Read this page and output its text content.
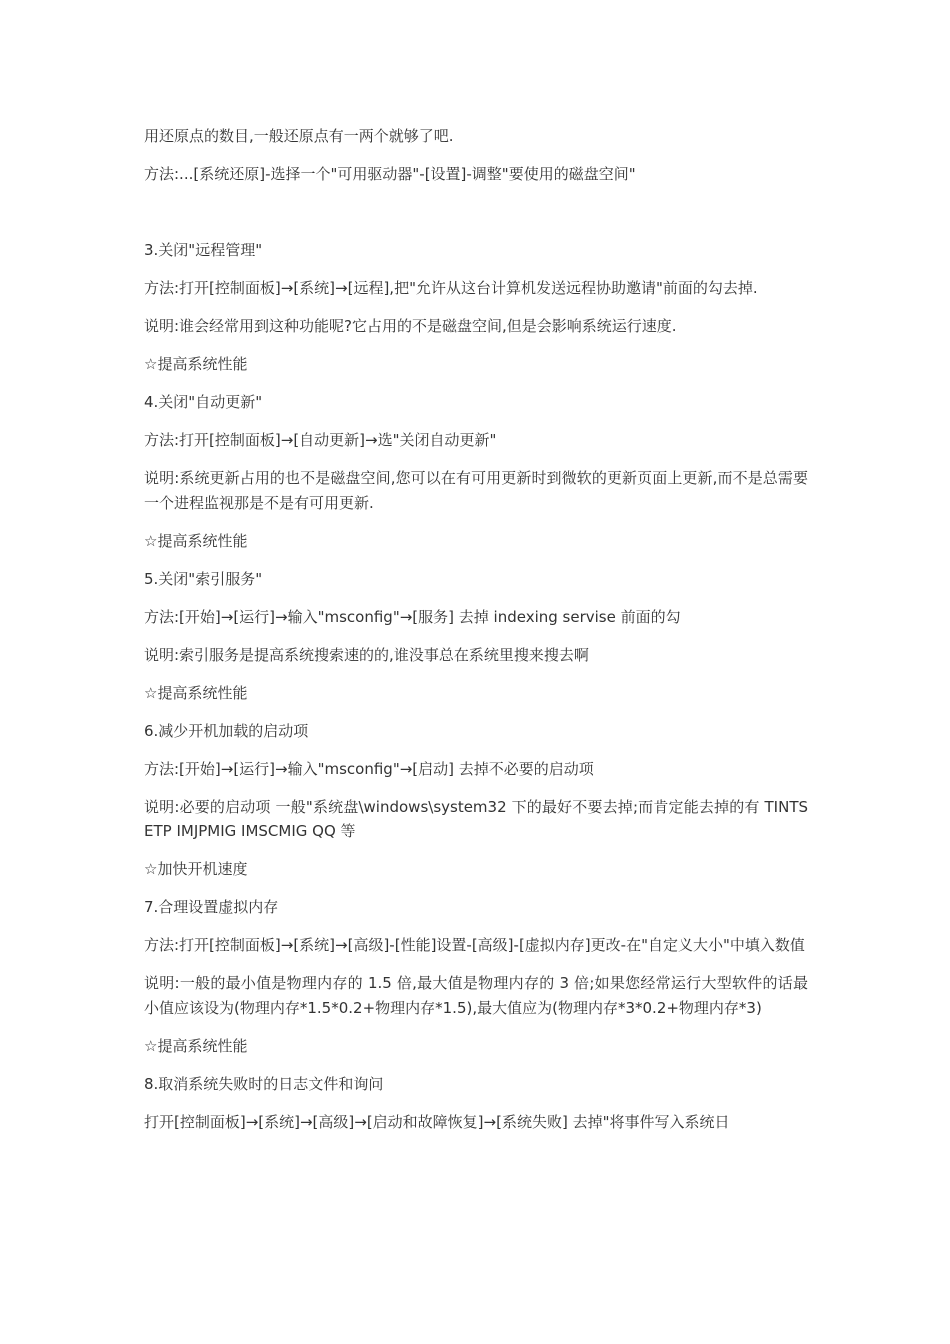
用还原点的数目,一般还原点有一两个就够了吧.

方法:...[系统还原]-选择一个"可用驱动器"-[设置]-调整"要使用的磁盘空间"

3.关闭"远程管理"

方法:打开[控制面板]→[系统]→[远程],把"允许从这台计算机发送远程协助邀请"前面的勾去掉.

说明:谁会经常用到这种功能呢?它占用的不是磁盘空间,但是会影响系统运行速度.

☆提高系统性能

4.关闭"自动更新"

方法:打开[控制面板]→[自动更新]→选"关闭自动更新"

说明:系统更新占用的也不是磁盘空间,您可以在有可用更新时到微软的更新页面上更新,而不是总需要一个进程监视那是不是有可用更新.

☆提高系统性能

5.关闭"索引服务"

方法:[开始]→[运行]→输入"msconfig"→[服务] 去掉 indexing servise 前面的勾

说明:索引服务是提高系统搜索速的的,谁没事总在系统里搜来搜去啊

☆提高系统性能

6.减少开机加载的启动项

方法:[开始]→[运行]→输入"msconfig"→[启动] 去掉不必要的启动项

说明:必要的启动项 一般"系统盘\windows\system32 下的最好不要去掉;而肯定能去掉的有 TINTSETP IMJPMIG IMSCMIG QQ 等

☆加快开机速度

7.合理设置虚拟内存

方法:打开[控制面板]→[系统]→[高级]-[性能]设置-[高级]-[虚拟内存]更改-在"自定义大小"中填入数值

说明:一般的最小值是物理内存的 1.5 倍,最大值是物理内存的 3 倍;如果您经常运行大型软件的话最小值应该设为(物理内存*1.5*0.2+物理内存*1.5),最大值应为(物理内存*3*0.2+物理内存*3)

☆提高系统性能

8.取消系统失败时的日志文件和询问

打开[控制面板]→[系统]→[高级]→[启动和故障恢复]→[系统失败] 去掉"将事件写入系统日
